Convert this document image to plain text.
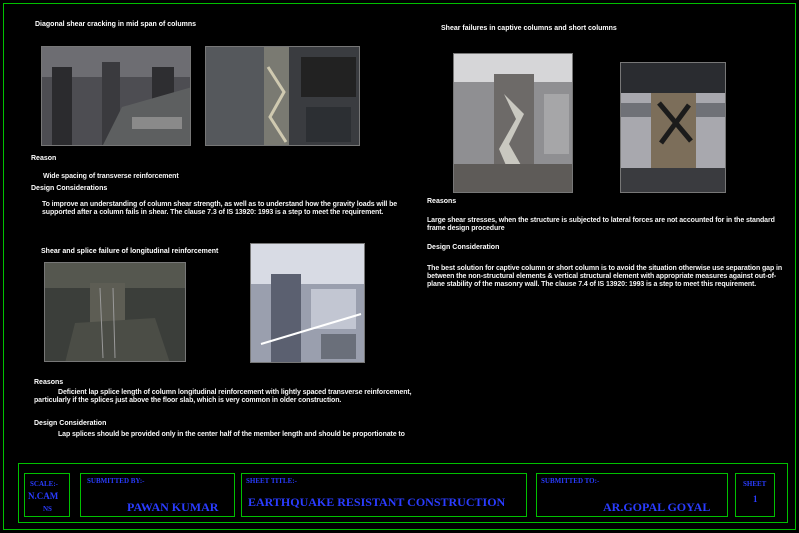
Diagonal shear cracking in mid span of columns
Reason
Wide spacing of transverse reinforcement
Design Considerations
To improve an understanding of column shear strength, as well as to understand how the gravity loads will be supported after a column fails in shear. The clause 7.3 of IS 13920: 1993 is a step to meet the requirement.
Shear and splice failure of longitudinal reinforcement
Reasons
Deficient lap splice length of column longitudinal reinforcement with lightly spaced transverse reinforcement, particularly if the splices just above the floor slab, which is very common in older construction.
Design Consideration
Lap splices should be provided only in the center half of the member length and should be proportionate to
Shear failures in captive columns and short columns
Reasons
Large shear stresses, when the structure is subjected to lateral forces are not accounted for in the standard frame design procedure
Design Consideration
The best solution for captive column or short column is to avoid the situation otherwise use separation gap in between the non-structural elements & vertical structural element with appropriate measures against out-of-plane stability of the masonry wall. The clause 7.4 of IS 13920: 1993 is a step to meet this requirement.
SCALE:-
N.CAM
NS
SUBMITTED BY:-
PAWAN KUMAR
SHEET TITLE:-
EARTHQUAKE RESISTANT CONSTRUCTION
SUBMITTED TO:-
AR.GOPAL GOYAL
SHEET
1
